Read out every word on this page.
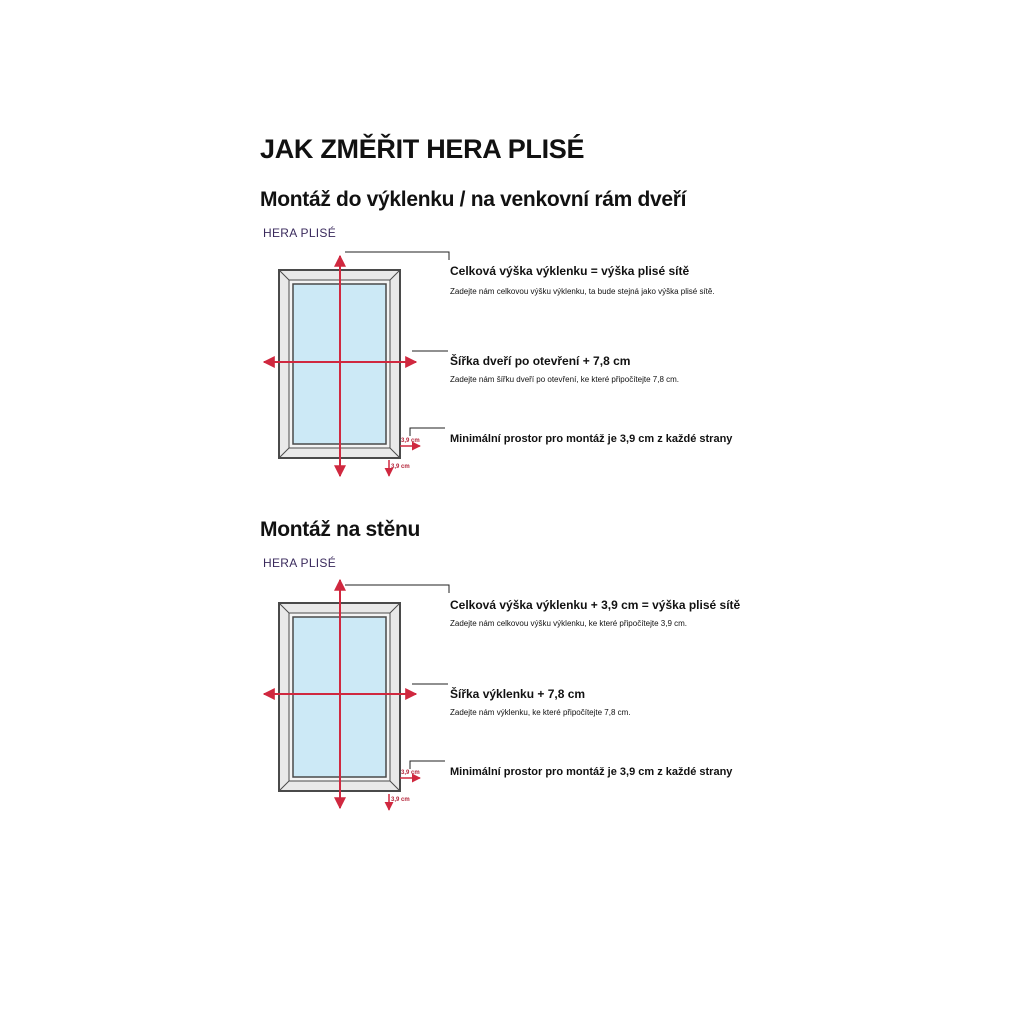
JAK ZMĚŘIT HERA PLISÉ
Montáž do výklenku / na venkovní rám dveří
HERA PLISÉ
3,9 cm
3,9 cm
Celková výška výklenku = výška plisé sítě
Zadejte nám celkovou výšku výklenku, ta bude stejná jako výška plisé sítě.
Šířka dveří po otevření + 7,8 cm
Zadejte nám šířku dveří po otevření, ke které připočítejte 7,8 cm.
Minimální prostor pro montáž je 3,9 cm z každé strany
Montáž na stěnu
HERA PLISÉ
3,9 cm
3,9 cm
Celková výška výklenku + 3,9 cm = výška plisé sítě
Zadejte nám celkovou výšku výklenku, ke které připočítejte 3,9 cm.
Šířka výklenku + 7,8 cm
Zadejte nám výklenku, ke které připočítejte 7,8 cm.
Minimální prostor pro montáž je 3,9 cm z každé strany
